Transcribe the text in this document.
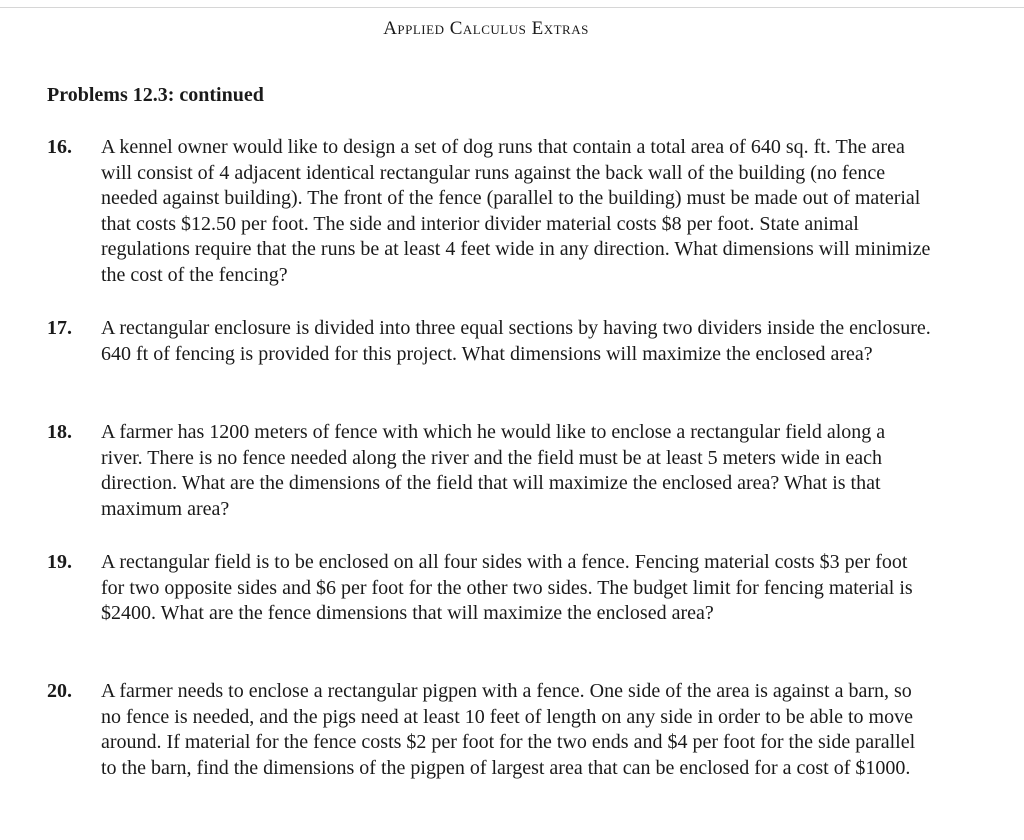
Applied Calculus Extras
Problems 12.3: continued
16.	A kennel owner would like to design a set of dog runs that contain a total area of 640 sq. ft. The area will consist of 4 adjacent identical rectangular runs against the back wall of the building (no fence needed against building). The front of the fence (parallel to the building) must be made out of material that costs $12.50 per foot. The side and interior divider material costs $8 per foot. State animal regulations require that the runs be at least 4 feet wide in any direction. What dimensions will minimize the cost of the fencing?
17.	A rectangular enclosure is divided into three equal sections by having two dividers inside the enclosure. 640 ft of fencing is provided for this project. What dimensions will maximize the enclosed area?
18.	A farmer has 1200 meters of fence with which he would like to enclose a rectangular field along a river. There is no fence needed along the river and the field must be at least 5 meters wide in each direction. What are the dimensions of the field that will maximize the enclosed area? What is that maximum area?
19.	A rectangular field is to be enclosed on all four sides with a fence. Fencing material costs $3 per foot for two opposite sides and $6 per foot for the other two sides. The budget limit for fencing material is $2400. What are the fence dimensions that will maximize the enclosed area?
20.	A farmer needs to enclose a rectangular pigpen with a fence. One side of the area is against a barn, so no fence is needed, and the pigs need at least 10 feet of length on any side in order to be able to move around. If material for the fence costs $2 per foot for the two ends and $4 per foot for the side parallel to the barn, find the dimensions of the pigpen of largest area that can be enclosed for a cost of $1000.
